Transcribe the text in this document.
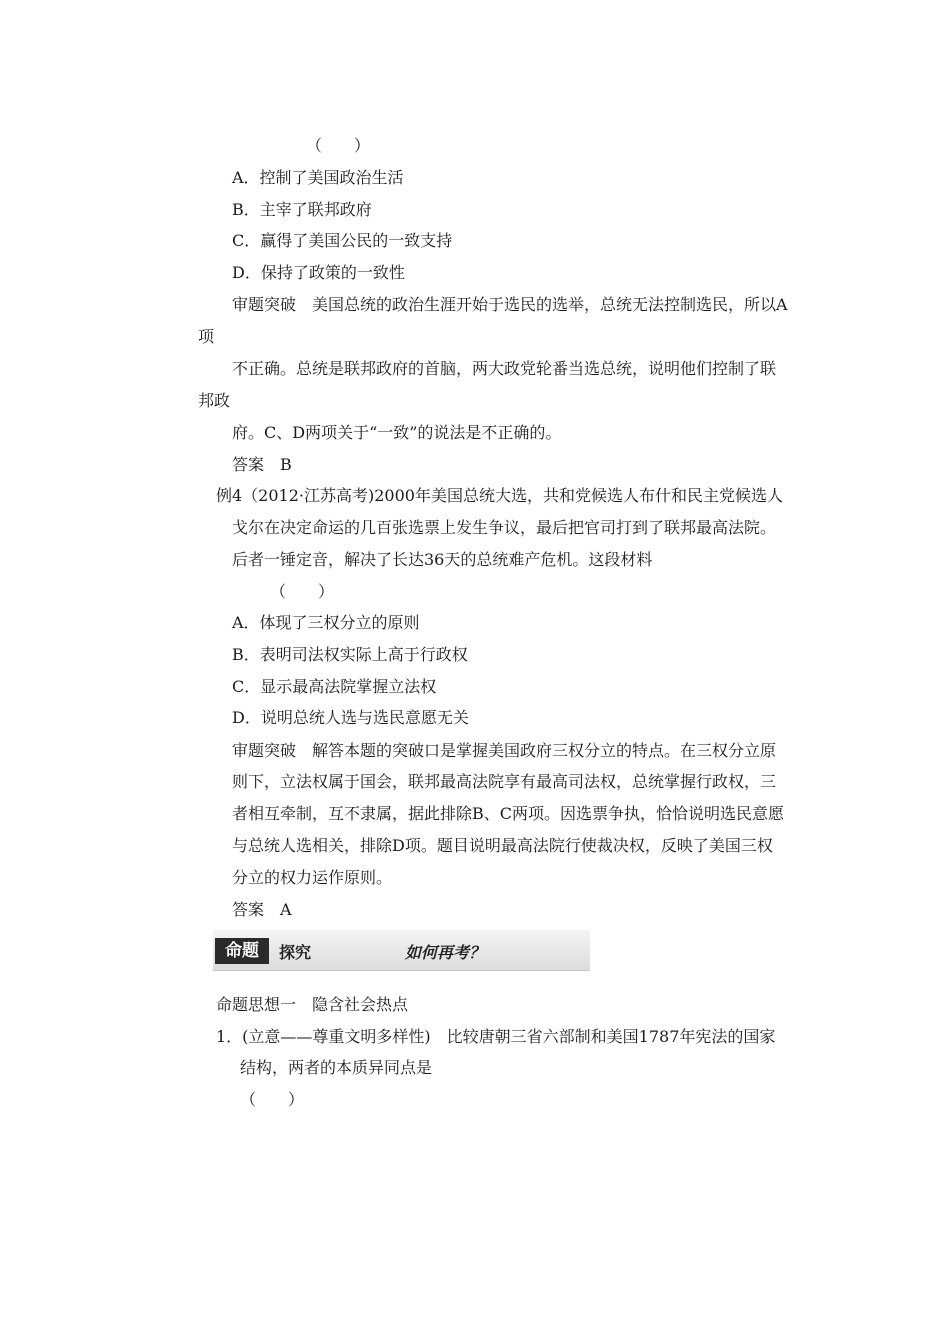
（　　）
A．控制了美国政治生活
B．主宰了联邦政府
C．赢得了美国公民的一致支持
D．保持了政策的一致性
审题突破　美国总统的政治生涯开始于选民的选举，总统无法控制选民，所以A
项
不正确。总统是联邦政府的首脑，两大政党轮番当选总统，说明他们控制了联
邦政
府。C、D两项关于“一致”的说法是不正确的。
答案　B
例4（2012·江苏高考)2000年美国总统大选，共和党候选人布什和民主党候选人
戈尔在决定命运的几百张选票上发生争议，最后把官司打到了联邦最高法院。
后者一锤定音，解决了长达36天的总统难产危机。这段材料
（　　）
A．体现了三权分立的原则
B．表明司法权实际上高于行政权
C．显示最高法院掌握立法权
D．说明总统人选与选民意愿无关
审题突破　解答本题的突破口是掌握美国政府三权分立的特点。在三权分立原
则下，立法权属于国会，联邦最高法院享有最高司法权，总统掌握行政权，三
者相互牵制，互不隶属，据此排除B、C两项。因选票争执，恰恰说明选民意愿
与总统人选相关，排除D项。题目说明最高法院行使裁决权，反映了美国三权
分立的权力运作原则。
答案　A
命题	探究	如何再考？
命题思想一　隐含社会热点
1．(立意——尊重文明多样性)　比较唐朝三省六部制和美国1787年宪法的国家
结构，两者的本质异同点是
（　　）
